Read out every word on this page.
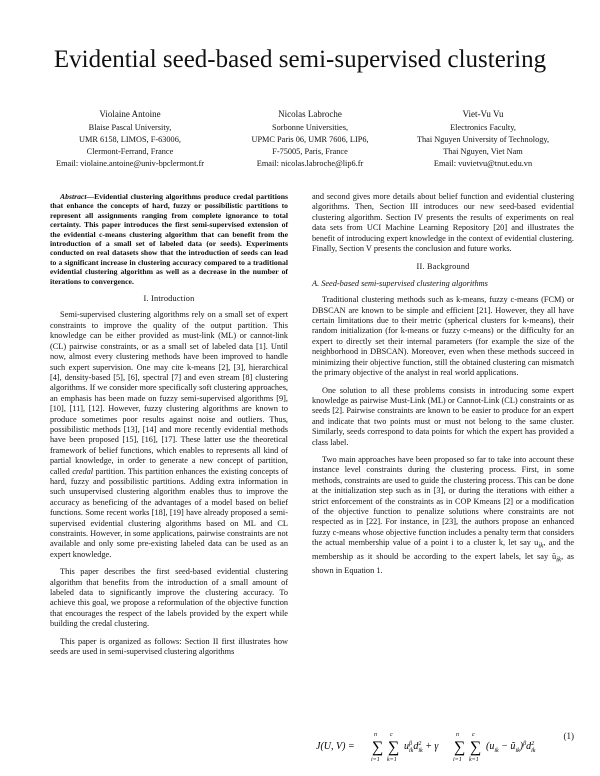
Evidential seed-based semi-supervised clustering
Violaine Antoine
Blaise Pascal University,
UMR 6158, LIMOS, F-63006,
Clermont-Ferrand, France
Email: violaine.antoine@univ-bpclermont.fr
Nicolas Labroche
Sorbonne Universities,
UPMC Paris 06, UMR 7606, LIP6,
F-75005, Paris, France
Email: nicolas.labroche@lip6.fr
Viet-Vu Vu
Electronics Faculty,
Thai Nguyen University of Technology,
Thai Nguyen, Viet Nam
Email: vuvietvu@tnut.edu.vn

Abstract—Evidential clustering algorithms produce credal partitions that enhance the concepts of hard, fuzzy or possibilistic partitions to represent all assignments ranging from complete ignorance to total certainty. This paper introduces the first semi-supervised extension of the evidential c-means clustering algorithm that can benefit from the introduction of a small set of labeled data (or seeds). Experiments conducted on real datasets show that the introduction of seeds can lead to a significant increase in clustering accuracy compared to a traditional evidential clustering algorithm as well as a decrease in the number of iterations to convergence.

I. Introduction

Semi-supervised clustering algorithms rely on a small set of expert constraints to improve the quality of the output partition. This knowledge can be either provided as must-link (ML) or cannot-link (CL) pairwise constraints, or as a small set of labeled data [1]. Until now, almost every clustering methods have been improved to handle such expert supervision. One may cite k-means [2], [3], hierarchical [4], density-based [5], [6], spectral [7] and even stream [8] clustering algorithms. If we consider more specifically soft clustering approaches, an emphasis has been made on fuzzy semi-supervised algorithms [9], [10], [11], [12]. However, fuzzy clustering algorithms are known to produce sometimes poor results against noise and outliers. Thus, possibilistic methods [13], [14] and more recently evidential methods have been proposed [15], [16], [17]. These latter use the theoretical framework of belief functions, which enables to represents all kind of partial knowledge, in order to generate a new concept of partition, called credal partition. This partition enhances the existing concepts of hard, fuzzy and possibilistic partitions. Adding extra information in such unsupervised clustering algorithm enables thus to improve the accuracy as beneficing of the advantages of a model based on belief functions. Some recent works [18], [19] have already proposed a semi-supervised evidential clustering algorithms based on ML and CL constraints. However, in some applications, pairwise constraints are not available and only some pre-existing labeled data can be used as an expert knowledge.

This paper describes the first seed-based evidential clustering algorithm that benefits from the introduction of a small amount of labeled data to significantly improve the clustering accuracy. To achieve this goal, we propose a reformulation of the objective function that encourages the respect of the labels provided by the expert while building the credal clustering.

This paper is organized as follows: Section II first illustrates how seeds are used in semi-supervised clustering algorithms

and second gives more details about belief function and evidential clustering algorithms. Then, Section III introduces our new seed-based evidential clustering algorithm. Section IV presents the results of experiments on real data sets from UCI Machine Learning Repository [20] and illustrates the benefit of introducing expert knowledge in the context of evidential clustering. Finally, Section V presents the conclusion and future works.

II. Background
A. Seed-based semi-supervised clustering algorithms

Traditional clustering methods such as k-means, fuzzy c-means (FCM) or DBSCAN are known to be simple and efficient [21]. However, they all have certain limitations due to their metric (spherical clusters for k-means), their random initialization (for k-means or fuzzy c-means) or the difficulty for an expert to directly set their internal parameters (for example the size of the neighborhood in DBSCAN). Moreover, even when these methods succeed in minimizing their objective function, still the obtained clustering can mismatch the primary objective of the analyst in real world applications.

One solution to all these problems consists in introducing some expert knowledge as pairwise Must-Link (ML) or Cannot-Link (CL) constraints or as seeds [2]. Pairwise constraints are known to be easier to produce for an expert and indicate that two points must or must not belong to the same cluster. Similarly, seeds correspond to data points for which the expert has provided a class label.

Two main approaches have been proposed so far to take into account these instance level constraints during the clustering process. First, in some methods, constraints are used to guide the clustering process. This can be done at the initialization step such as in [3], or during the iterations with either a strict enforcement of the constraints as in COP Kmeans [2] or a modification of the objective function to penalize solutions where constraints are not respected as in [22]. For instance, in [23], the authors propose an enhanced fuzzy c-means whose objective function includes a penalty term that considers the actual membership value of a point i to a cluster k, let say $u_{ik}$, and the membership as it should be according to the expert labels, let say $ũ_{ik}$, as shown in Equation 1.

J(U, V) = ∑
n
i=1
∑
c
k=1
$u^\beta$ ikd$^2$ ik + γ ∑
n
i=1
∑
c
k=1
($u_{ik}$ − $ũ_{ik})^\beta d^2$ ik
(1)
